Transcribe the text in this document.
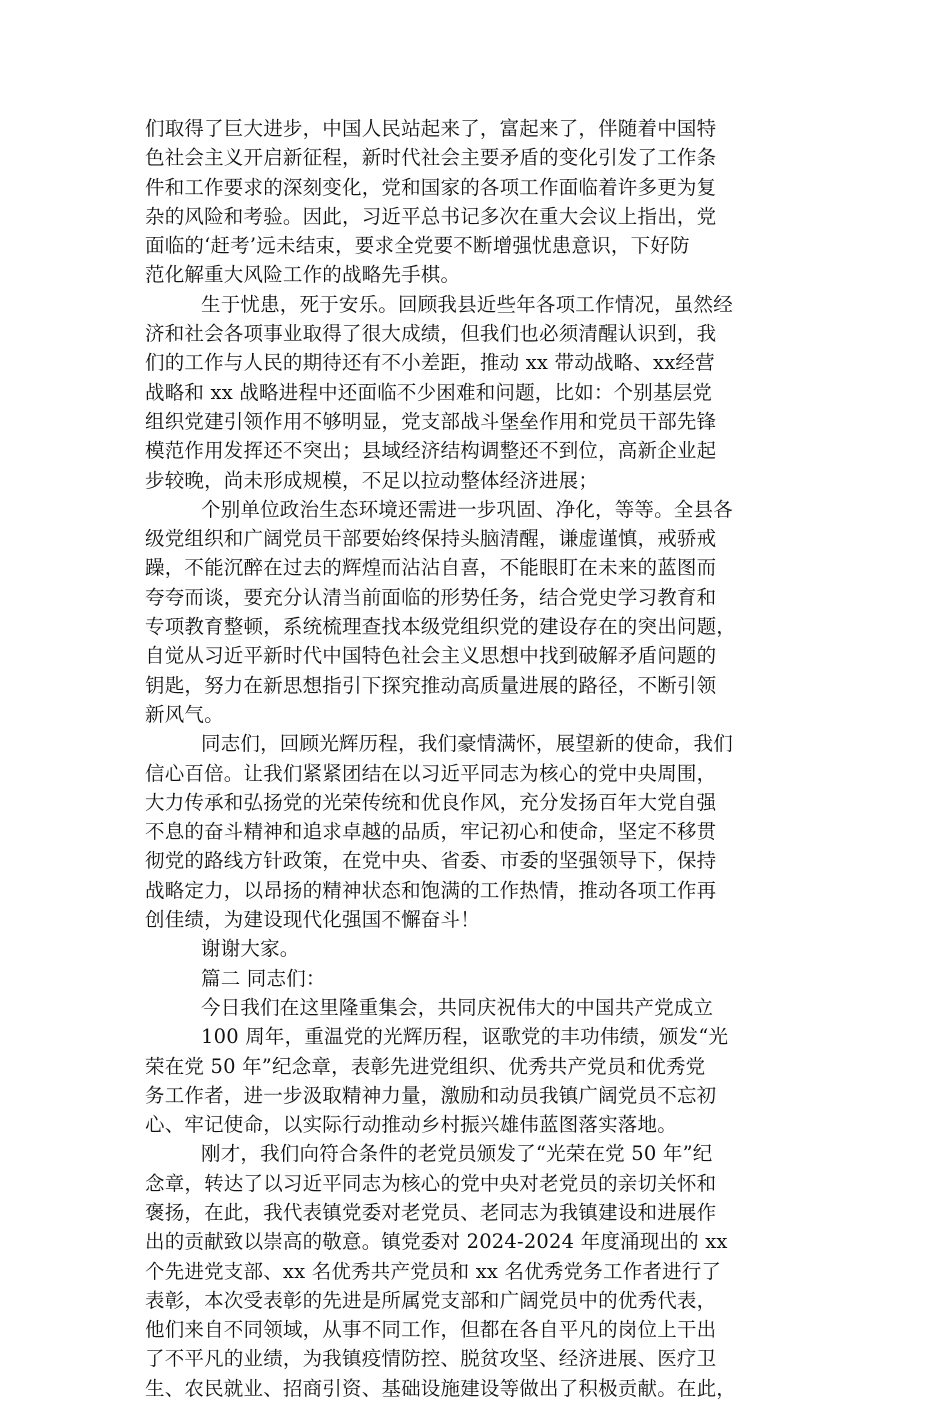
们取得了巨大进步，中国人民站起来了，富起来了，伴随着中国特
色社会主义开启新征程，新时代社会主要矛盾的变化引发了工作条
件和工作要求的深刻变化，党和国家的各项工作面临着许多更为复
杂的风险和考验。因此，习近平总书记多次在重大会议上指出，党
面临的‘赶考’远未结束，要求全党要不断增强忧患意识，下好防
范化解重大风险工作的战略先手棋。
生于忧患，死于安乐。回顾我县近些年各项工作情况，虽然经
济和社会各项事业取得了很大成绩，但我们也必须清醒认识到，我
们的工作与人民的期待还有不小差距，推动 xx 带动战略、xx经营
战略和 xx 战略进程中还面临不少困难和问题，比如：个别基层党
组织党建引领作用不够明显，党支部战斗堡垒作用和党员干部先锋
模范作用发挥还不突出；县域经济结构调整还不到位，高新企业起
步较晚，尚未形成规模，不足以拉动整体经济进展；
个别单位政治生态环境还需进一步巩固、净化，等等。全县各
级党组织和广阔党员干部要始终保持头脑清醒，谦虚谨慎，戒骄戒
躁，不能沉醉在过去的辉煌而沾沾自喜，不能眼盯在未来的蓝图而
夸夸而谈，要充分认清当前面临的形势任务，结合党史学习教育和
专项教育整顿，系统梳理查找本级党组织党的建设存在的突出问题，
自觉从习近平新时代中国特色社会主义思想中找到破解矛盾问题的
钥匙，努力在新思想指引下探究推动高质量进展的路径，不断引领
新风气。
同志们，回顾光辉历程，我们豪情满怀，展望新的使命，我们
信心百倍。让我们紧紧团结在以习近平同志为核心的党中央周围，
大力传承和弘扬党的光荣传统和优良作风，充分发扬百年大党自强
不息的奋斗精神和追求卓越的品质，牢记初心和使命，坚定不移贯
彻党的路线方针政策，在党中央、省委、市委的坚强领导下，保持
战略定力，以昂扬的精神状态和饱满的工作热情，推动各项工作再
创佳绩，为建设现代化强国不懈奋斗！
谢谢大家。
篇二 同志们：
今日我们在这里隆重集会，共同庆祝伟大的中国共产党成立
100 周年，重温党的光辉历程，讴歌党的丰功伟绩，颁发“光
荣在党 50 年”纪念章，表彰先进党组织、优秀共产党员和优秀党
务工作者，进一步汲取精神力量，激励和动员我镇广阔党员不忘初
心、牢记使命，以实际行动推动乡村振兴雄伟蓝图落实落地。
刚才，我们向符合条件的老党员颁发了“光荣在党 50 年”纪
念章，转达了以习近平同志为核心的党中央对老党员的亲切关怀和
褒扬，在此，我代表镇党委对老党员、老同志为我镇建设和进展作
出的贡献致以崇高的敬意。镇党委对 2024-2024 年度涌现出的 xx
个先进党支部、xx 名优秀共产党员和 xx 名优秀党务工作者进行了
表彰，本次受表彰的先进是所属党支部和广阔党员中的优秀代表，
他们来自不同领域，从事不同工作，但都在各自平凡的岗位上干出
了不平凡的业绩，为我镇疫情防控、脱贫攻坚、经济进展、医疗卫
生、农民就业、招商引资、基础设施建设等做出了积极贡献。在此，
